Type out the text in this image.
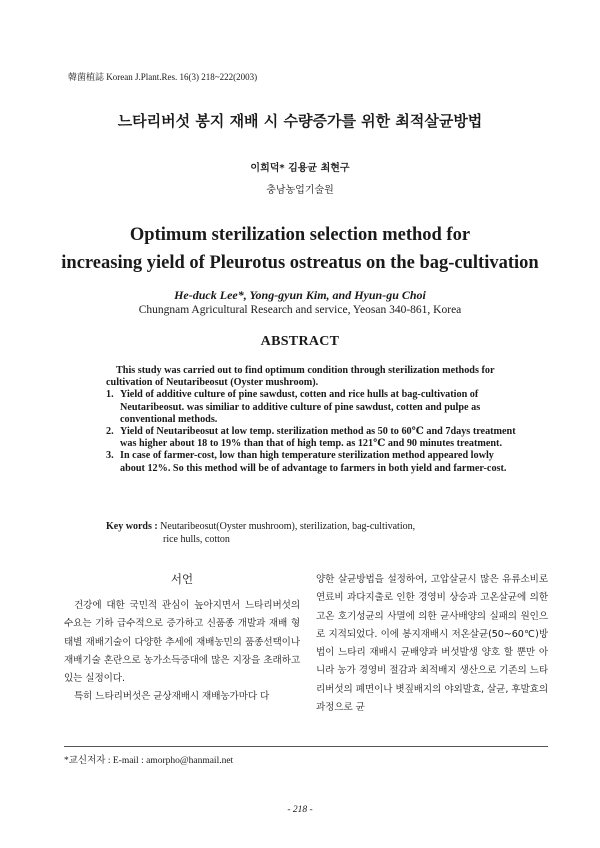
韓菌植誌 Korean J.Plant.Res. 16(3) 218~222(2003)
느타리버섯 봉지 재배 시 수량증가를 위한 최적살균방법
이희덕* 김용균 최현구
충남농업기술원
Optimum sterilization selection method for
increasing yield of Pleurotus ostreatus on the bag-cultivation
He-duck Lee*, Yong-gyun Kim, and Hyun-gu Choi
Chungnam Agricultural Research and service, Yeosan 340-861, Korea
ABSTRACT

This study was carried out to find optimum condition through sterilization methods for cultivation of Neutaribeosut (Oyster mushroom).

1. Yield of additive culture of pine sawdust, cotten and rice hulls at bag-cultivation of Neutaribeosut. was similiar to additive culture of pine sawdust, cotten and pulpe as conventional methods.
2. Yield of Neutaribeosut at low temp. sterilization method as 50 to 60℃ and 7days treatment was higher about 18 to 19% than that of high temp. as 121℃ and 90 minutes treatment.
3. In case of farmer-cost, low than high temperature sterilization method appeared lowly about 12%. So this method will be of advantage to farmers in both yield and farmer-cost.
Key words : Neutaribeosut(Oyster mushroom), sterilization, bag-cultivation,
rice hulls, cotton
서언

건강에 대한 국민적 관심이 높아지면서 느타리버섯의 수요는 기하 급수적으로 증가하고 신품종 개발과 재배 형태별 재배기술이 다양한 추세에 재배농민의 품종선택이나 재배기술 혼란으로 농가소득증대에 많은 지장을 초래하고 있는 실정이다.

특히 느타리버섯은 균상재배시 재배농가마다 다

양한 살균방법을 설정하여, 고압살균시 많은 유류소비로 연료비 과다지출로 인한 경영비 상승과 고온살균에 의한 고온 호기성균의 사멸에 의한 균사배양의 실패의 원인으로 지적되었다. 이에 봉지재배시 저온살균(50~60℃)방법이 느타리 재배시 균배양과 버섯발생 양호 할 뿐만 아니라 농가 경영비 절감과 최적배지 생산으로 기존의 느타리버섯의 폐면이나 볏짚배지의 야외발효, 살균, 후발효의 과정으로 균

*교신저자 : E-mail : amorpho@hanmail.net
- 218 -
